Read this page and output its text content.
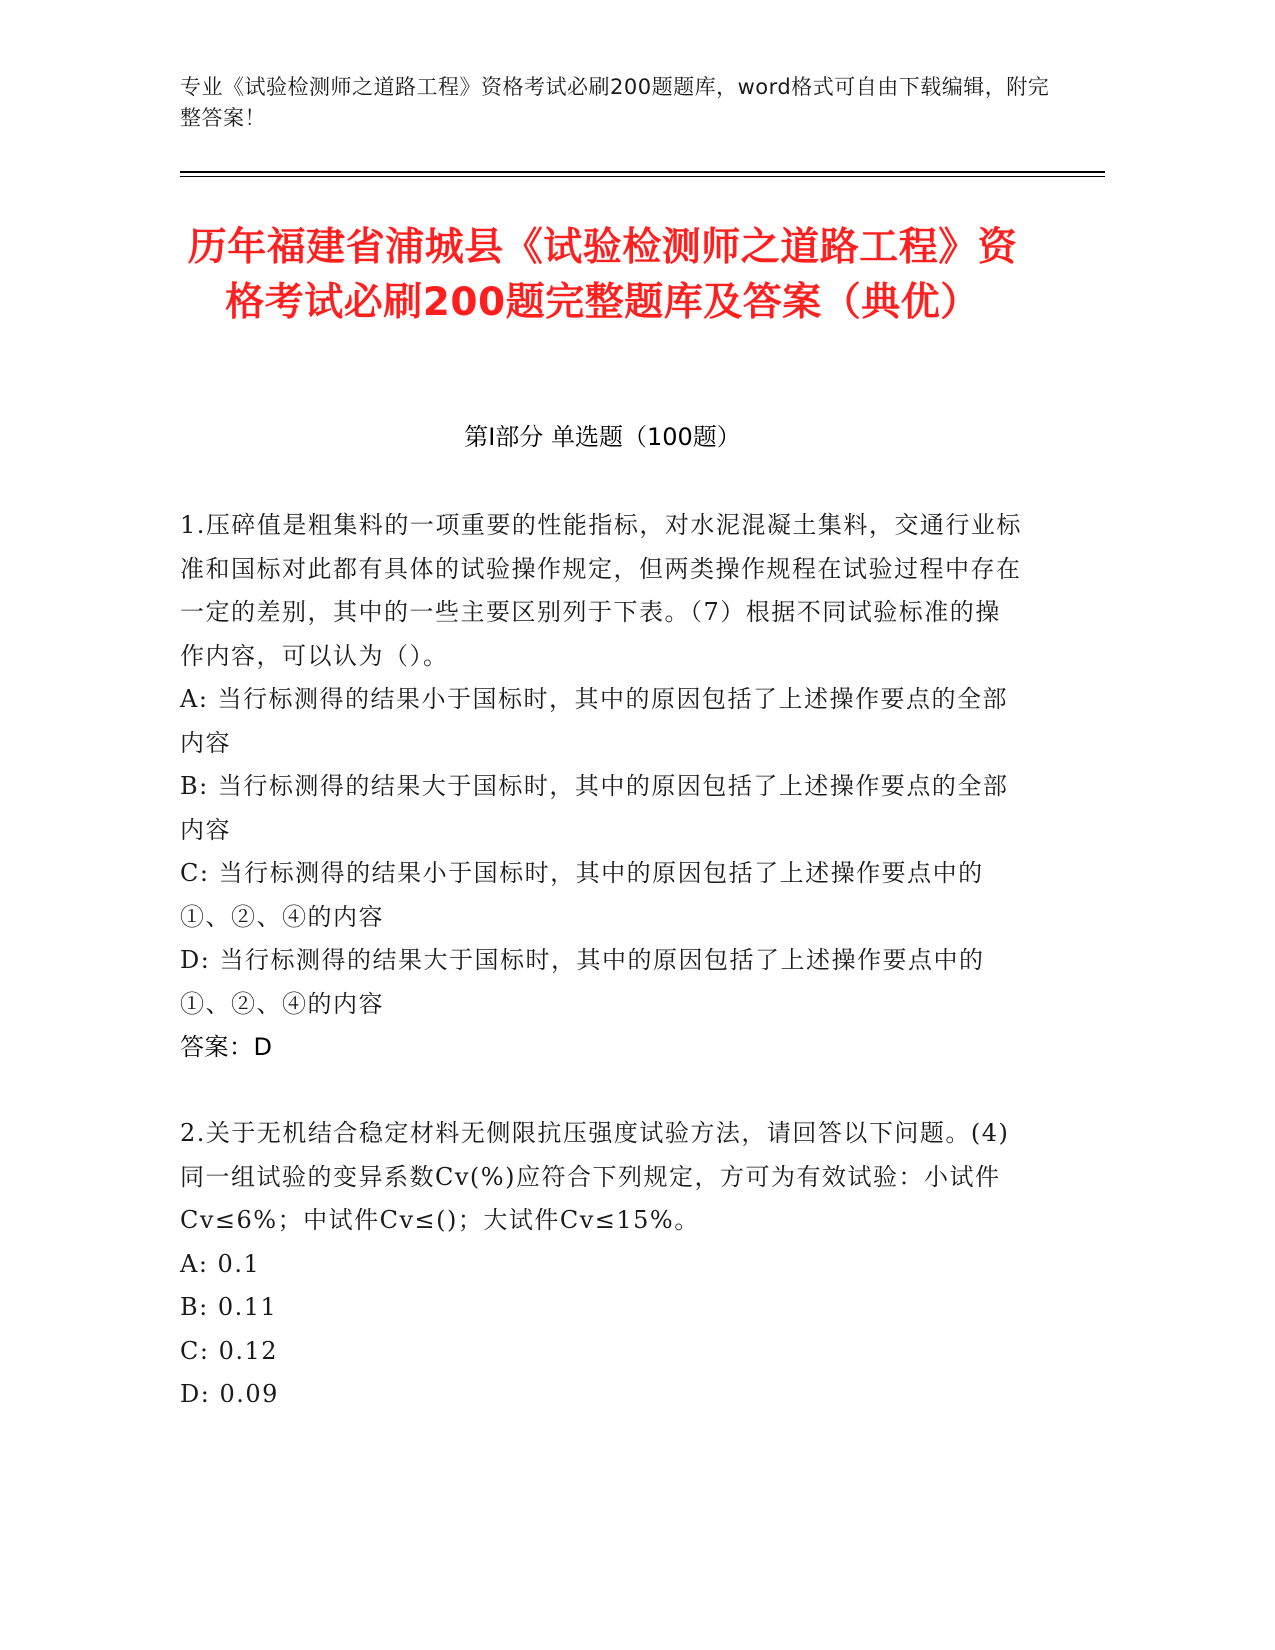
专业《试验检测师之道路工程》资格考试必刷200题题库，word格式可自由下载编辑，附完整答案！
历年福建省浦城县《试验检测师之道路工程》资格考试必刷200题完整题库及答案（典优）
第I部分 单选题（100题）
1.压碎值是粗集料的一项重要的性能指标，对水泥混凝土集料，交通行业标准和国标对此都有具体的试验操作规定，但两类操作规程在试验过程中存在一定的差别，其中的一些主要区别列于下表。（7）根据不同试验标准的操作内容，可以认为（）。
A: 当行标测得的结果小于国标时，其中的原因包括了上述操作要点的全部内容
B: 当行标测得的结果大于国标时，其中的原因包括了上述操作要点的全部内容
C: 当行标测得的结果小于国标时，其中的原因包括了上述操作要点中的①、②、④的内容
D: 当行标测得的结果大于国标时，其中的原因包括了上述操作要点中的①、②、④的内容
答案：D
2.关于无机结合稳定材料无侧限抗压强度试验方法，请回答以下问题。(4)同一组试验的变异系数Cv(%)应符合下列规定，方可为有效试验：小试件Cv≤6%；中试件Cv≤()；大试件Cv≤15%。
A: 0.1
B: 0.11
C: 0.12
D: 0.09
